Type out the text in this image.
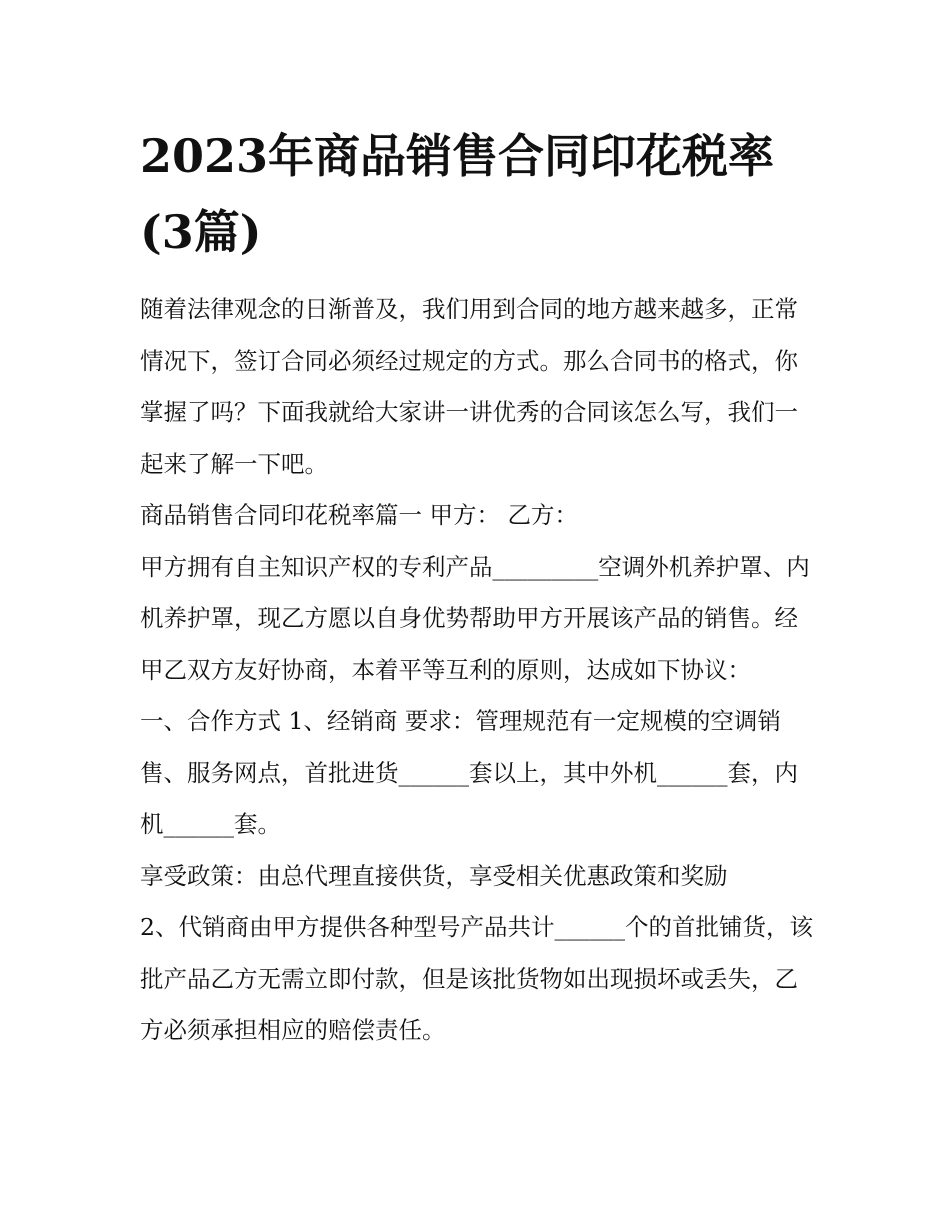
2023年商品销售合同印花税率(3篇)

随着法律观念的日渐普及，我们用到合同的地方越来越多，正常情况下，签订合同必须经过规定的方式。那么合同书的格式，你掌握了吗？下面我就给大家讲一讲优秀的合同该怎么写，我们一起来了解一下吧。

商品销售合同印花税率篇一 甲方： 乙方：

甲方拥有自主知识产权的专利产品_________空调外机养护罩、内机养护罩，现乙方愿以自身优势帮助甲方开展该产品的销售。经甲乙双方友好协商，本着平等互利的原则，达成如下协议：

一、合作方式 1、经销商 要求：管理规范有一定规模的空调销售、服务网点，首批进货______套以上，其中外机______套，内机______套。

享受政策：由总代理直接供货，享受相关优惠政策和奖励

2、代销商由甲方提供各种型号产品共计______个的首批铺货，该批产品乙方无需立即付款，但是该批货物如出现损坏或丢失，乙方必须承担相应的赔偿责任。
